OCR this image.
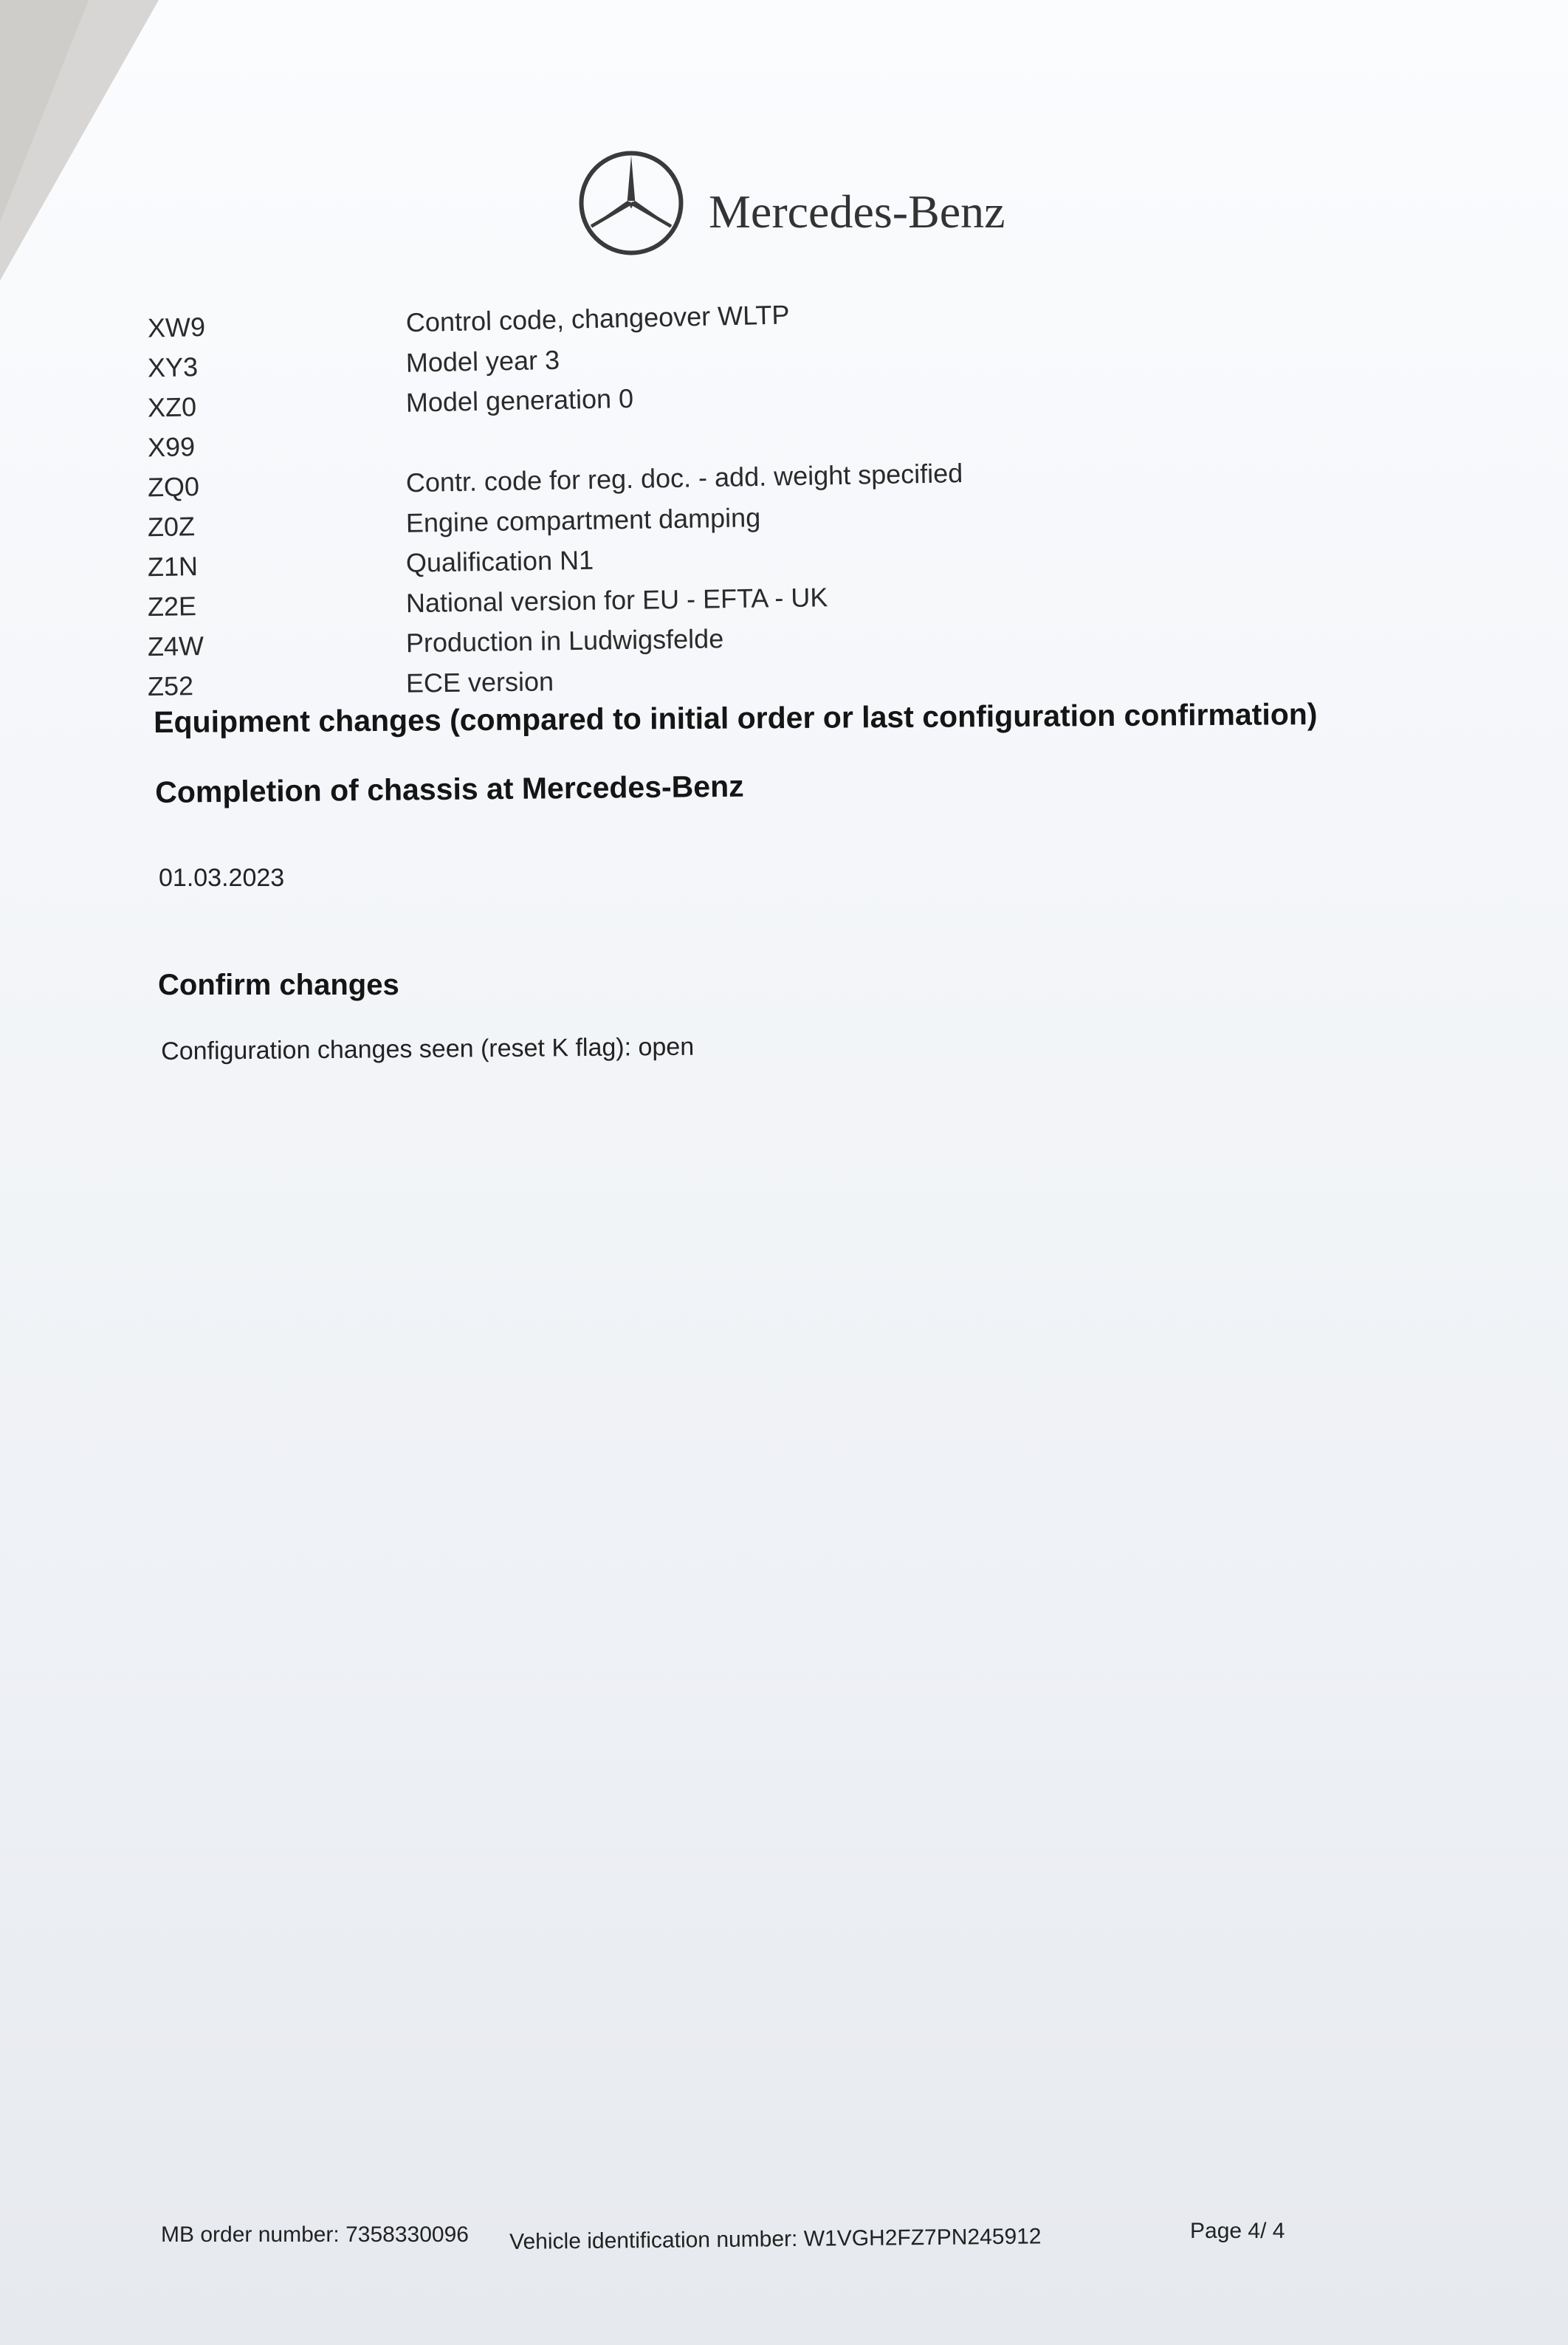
Mercedes-Benz
XW9	Control code, changeover WLTP
XY3	Model year 3
XZ0	Model generation 0
X99
ZQ0	Contr. code for reg. doc. - add. weight specified
Z0Z	Engine compartment damping
Z1N	Qualification N1
Z2E	National version for EU - EFTA - UK
Z4W	Production in Ludwigsfelde
Z52	ECE version
Equipment changes (compared to initial order or last configuration confirmation)
Completion of chassis at Mercedes-Benz
01.03.2023
Confirm changes
Configuration changes seen (reset K flag): open
MB order number: 7358330096 Vehicle identification number: W1VGH2FZ7PN245912	Page 4/ 4
